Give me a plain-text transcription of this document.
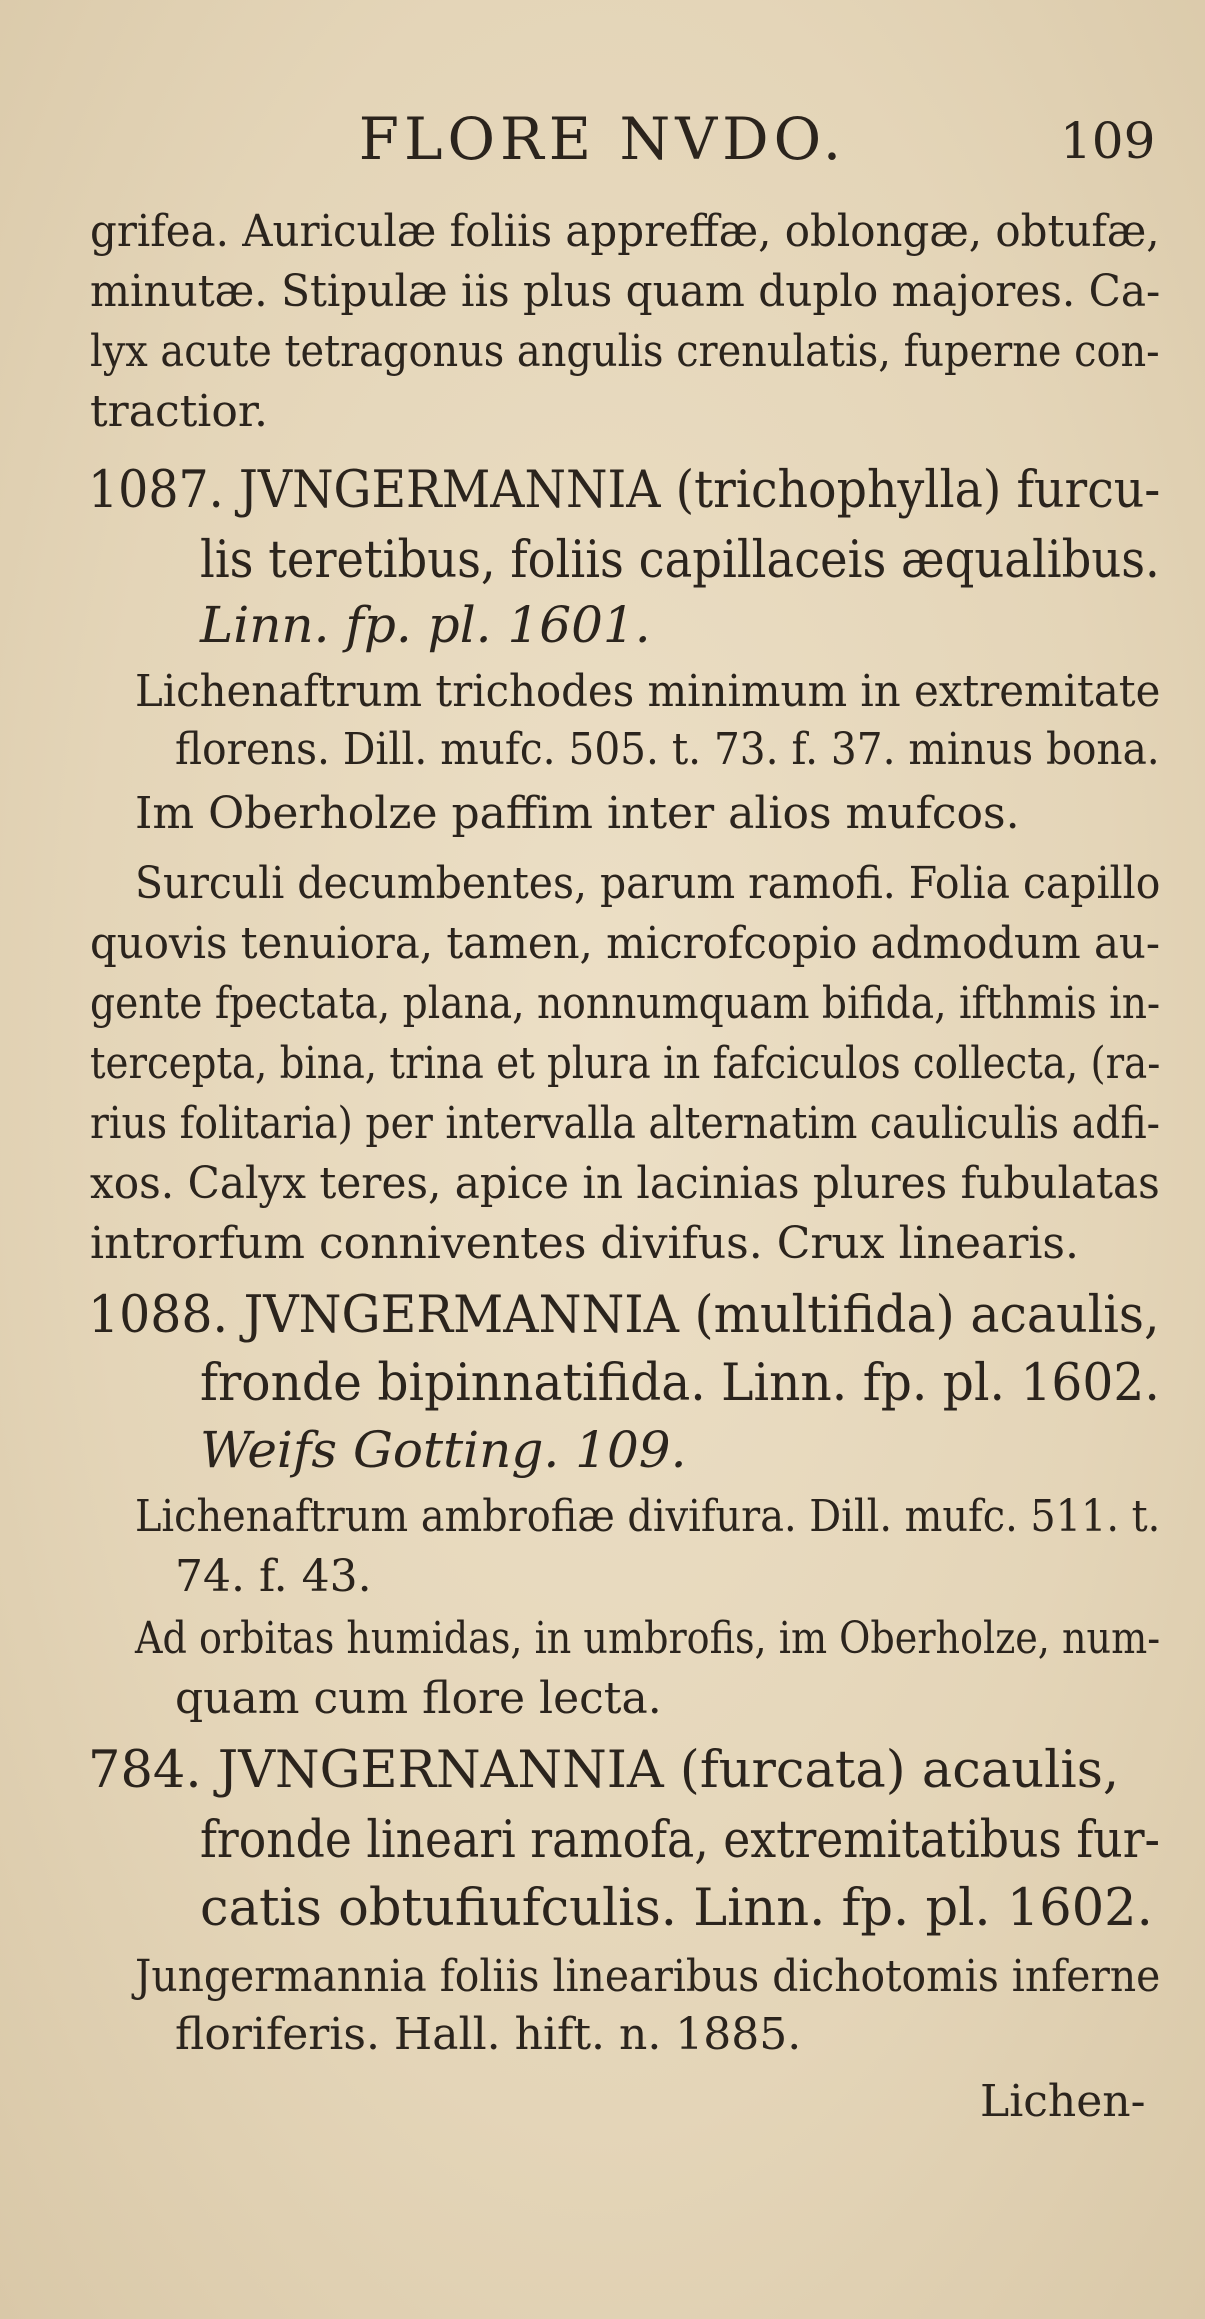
FLORE NVDO.	109
grifea. Auriculæ foliis appreffæ, oblongæ, obtufæ,
minutæ. Stipulæ iis plus quam duplo majores. Ca-
lyx acute tetragonus angulis crenulatis, fuperne con-
tractior.
1087. JVNGERMANNIA (trichophylla) furcu-
lis teretibus, foliis capillaceis æqualibus.
Linn. fp. pl. 1601.
Lichenaftrum trichodes minimum in extremitate
florens. Dill. mufc. 505. t. 73. f. 37. minus bona.
Im Oberholze paffim inter alios mufcos.
Surculi decumbentes, parum ramofi. Folia capillo
quovis tenuiora, tamen, microfcopio admodum au-
gente fpectata, plana, nonnumquam bifida, ifthmis in-
tercepta, bina, trina et plura in fafciculos collecta, (ra-
rius folitaria) per intervalla alternatim cauliculis adfi-
xos. Calyx teres, apice in lacinias plures fubulatas
introrfum conniventes divifus. Crux linearis.
1088. JVNGERMANNIA (multifida) acaulis,
fronde bipinnatifida. Linn. fp. pl. 1602.
Weifs Gotting. 109.
Lichenaftrum ambrofiæ divifura. Dill. mufc. 511. t.
74. f. 43.
Ad orbitas humidas, in umbrofis, im Oberholze, num-
quam cum flore lecta.
784. JVNGERNANNIA (furcata) acaulis,
fronde lineari ramofa, extremitatibus fur-
catis obtufiufculis. Linn. fp. pl. 1602.
Jungermannia foliis linearibus dichotomis inferne
floriferis. Hall. hift. n. 1885.
Lichen-
